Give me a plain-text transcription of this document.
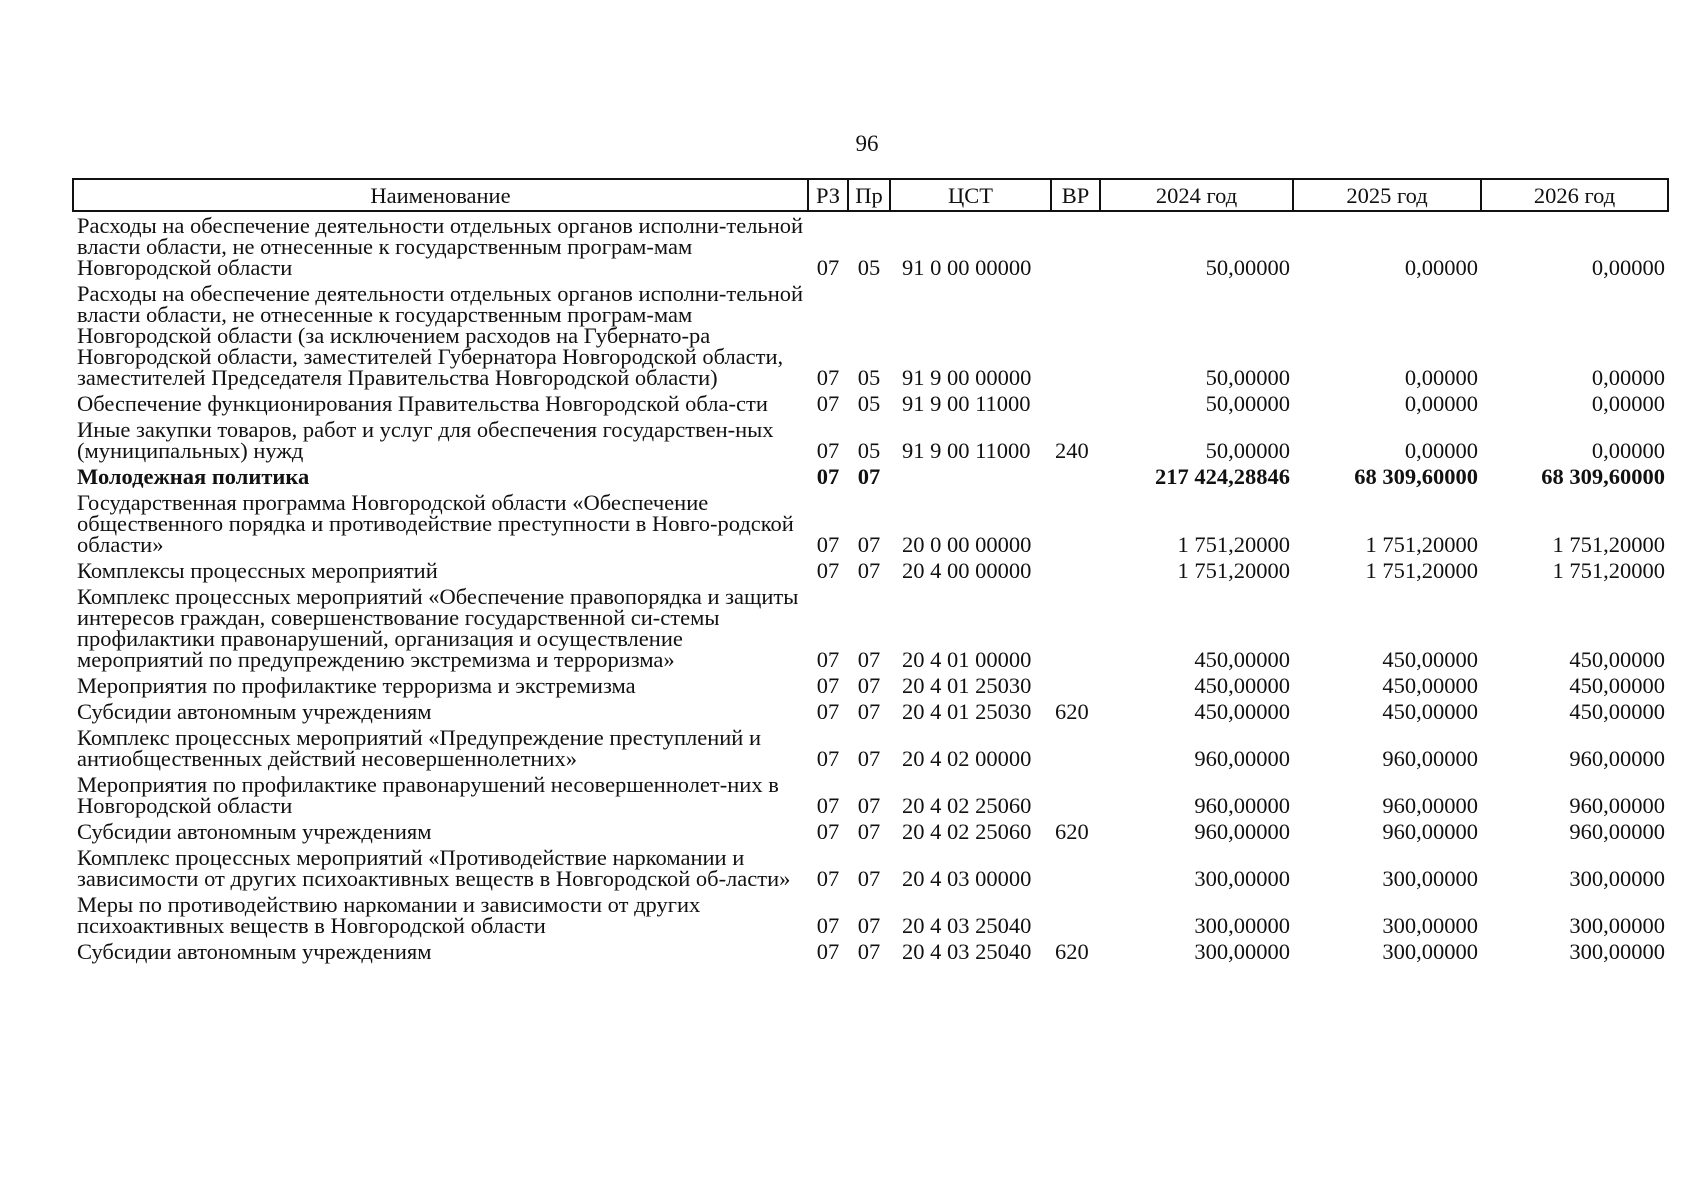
96
Наименование	РЗ	Пр	ЦСТ	ВР	2024 год	2025 год	2026 год
Расходы на обеспечение деятельности отдельных органов исполни-тельной власти области, не отнесенные к государственным програм-мам Новгородской области	07	05	91 0 00 00000		50,00000	0,00000	0,00000
Расходы на обеспечение деятельности отдельных органов исполни-тельной власти области, не отнесенные к государственным програм-мам Новгородской области (за исключением расходов на Губернато-ра Новгородской области, заместителей Губернатора Новгородской области, заместителей Председателя Правительства Новгородской области)	07	05	91 9 00 00000		50,00000	0,00000	0,00000
Обеспечение функционирования Правительства Новгородской обла-сти	07	05	91 9 00 11000		50,00000	0,00000	0,00000
Иные закупки товаров, работ и услуг для обеспечения государствен-ных (муниципальных) нужд	07	05	91 9 00 11000	240	50,00000	0,00000	0,00000
Молодежная политика	07	07			217 424,28846	68 309,60000	68 309,60000
Государственная программа Новгородской области «Обеспечение общественного порядка и противодействие преступности в Новго-родской области»	07	07	20 0 00 00000		1 751,20000	1 751,20000	1 751,20000
Комплексы процессных мероприятий	07	07	20 4 00 00000		1 751,20000	1 751,20000	1 751,20000
Комплекс процессных мероприятий «Обеспечение правопорядка и защиты интересов граждан, совершенствование государственной си-стемы профилактики правонарушений, организация и осуществление мероприятий по предупреждению экстремизма и терроризма»	07	07	20 4 01 00000		450,00000	450,00000	450,00000
Мероприятия по профилактике терроризма и экстремизма	07	07	20 4 01 25030		450,00000	450,00000	450,00000
Субсидии автономным учреждениям	07	07	20 4 01 25030	620	450,00000	450,00000	450,00000
Комплекс процессных мероприятий «Предупреждение преступлений и антиобщественных действий несовершеннолетних»	07	07	20 4 02 00000		960,00000	960,00000	960,00000
Мероприятия по профилактике правонарушений несовершеннолет-них в Новгородской области	07	07	20 4 02 25060		960,00000	960,00000	960,00000
Субсидии автономным учреждениям	07	07	20 4 02 25060	620	960,00000	960,00000	960,00000
Комплекс процессных мероприятий «Противодействие наркомании и зависимости от других психоактивных веществ в Новгородской об-ласти»	07	07	20 4 03 00000		300,00000	300,00000	300,00000
Меры по противодействию наркомании и зависимости от других психоактивных веществ в Новгородской области	07	07	20 4 03 25040		300,00000	300,00000	300,00000
Субсидии автономным учреждениям	07	07	20 4 03 25040	620	300,00000	300,00000	300,00000
